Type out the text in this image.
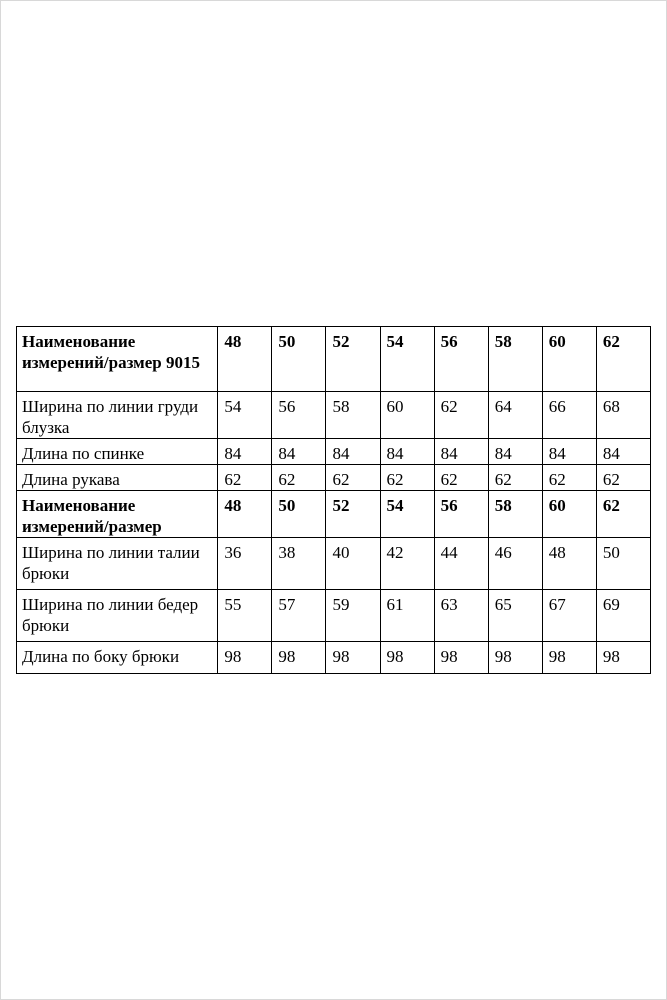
Наименование измерений/размер 9015	48	50	52	54	56	58	60	62
Ширина по линии груди блузка	54	56	58	60	62	64	66	68
Длина по спинке	84	84	84	84	84	84	84	84
Длина рукава	62	62	62	62	62	62	62	62
Наименование измерений/размер	48	50	52	54	56	58	60	62
Ширина по линии талии брюки	36	38	40	42	44	46	48	50
Ширина по линии бедер брюки	55	57	59	61	63	65	67	69
Длина по боку брюки	98	98	98	98	98	98	98	98
